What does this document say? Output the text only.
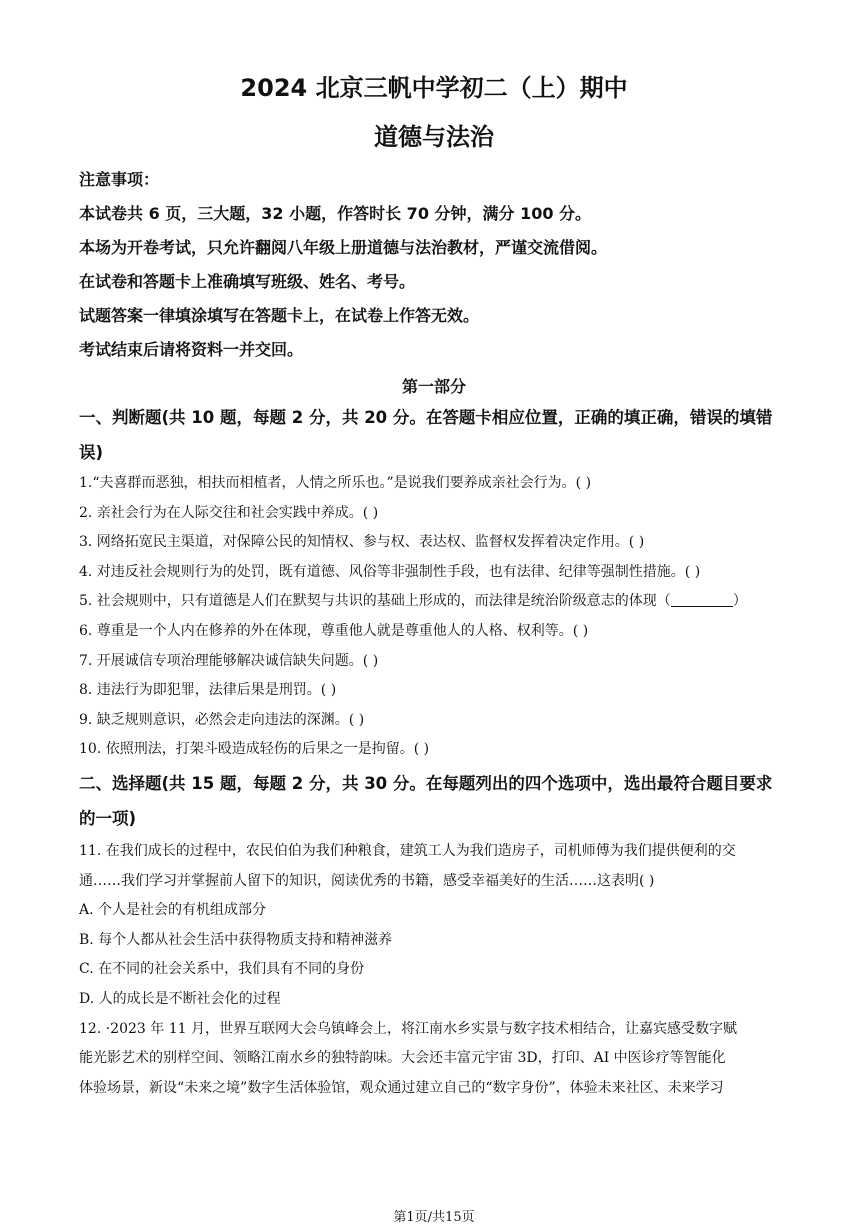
2024 北京三帆中学初二（上）期中
道德与法治
注意事项：
本试卷共 6 页，三大题，32 小题，作答时长 70 分钟，满分 100 分。
本场为开卷考试，只允许翻阅八年级上册道德与法治教材，严谨交流借阅。
在试卷和答题卡上准确填写班级、姓名、考号。
试题答案一律填涂填写在答题卡上，在试卷上作答无效。
考试结束后请将资料一并交回。
第一部分
一、判断题(共 10 题，每题 2 分，共 20 分。在答题卡相应位置，正确的填正确，错误的填错
误)
1.“夫喜群而恶独，相扶而相植者，人情之所乐也。”是说我们要养成亲社会行为。( )
2. 亲社会行为在人际交往和社会实践中养成。( )
3. 网络拓宽民主渠道，对保障公民的知情权、参与权、表达权、监督权发挥着决定作用。( )
4. 对违反社会规则行为的处罚，既有道德、风俗等非强制性手段，也有法律、纪律等强制性措施。( )
5. 社会规则中，只有道德是人们在默契与共识的基础上形成的，而法律是统治阶级意志的体现（	）
6. 尊重是一个人内在修养的外在体现，尊重他人就是尊重他人的人格、权利等。( )
7. 开展诚信专项治理能够解决诚信缺失问题。( )
8. 违法行为即犯罪，法律后果是刑罚。( )
9. 缺乏规则意识，必然会走向违法的深渊。( )
10. 依照刑法，打架斗殴造成轻伤的后果之一是拘留。( )
二、选择题(共 15 题，每题 2 分，共 30 分。在每题列出的四个选项中，选出最符合题目要求
的一项)
11. 在我们成长的过程中，农民伯伯为我们种粮食，建筑工人为我们造房子，司机师傅为我们提供便利的交
通……我们学习并掌握前人留下的知识，阅读优秀的书籍，感受幸福美好的生活……这表明( )
A. 个人是社会的有机组成部分
B. 每个人都从社会生活中获得物质支持和精神滋养
C. 在不同的社会关系中，我们具有不同的身份
D. 人的成长是不断社会化的过程
12. ·2023 年 11 月，世界互联网大会乌镇峰会上，将江南水乡实景与数字技术相结合，让嘉宾感受数字赋
能光影艺术的别样空间、领略江南水乡的独特韵味。大会还丰富元宇宙 3D，打印、AI 中医诊疗等智能化
体验场景，新设“未来之境”数字生活体验馆，观众通过建立自己的“数字身份”，体验未来社区、未来学习
第1页/共15页
